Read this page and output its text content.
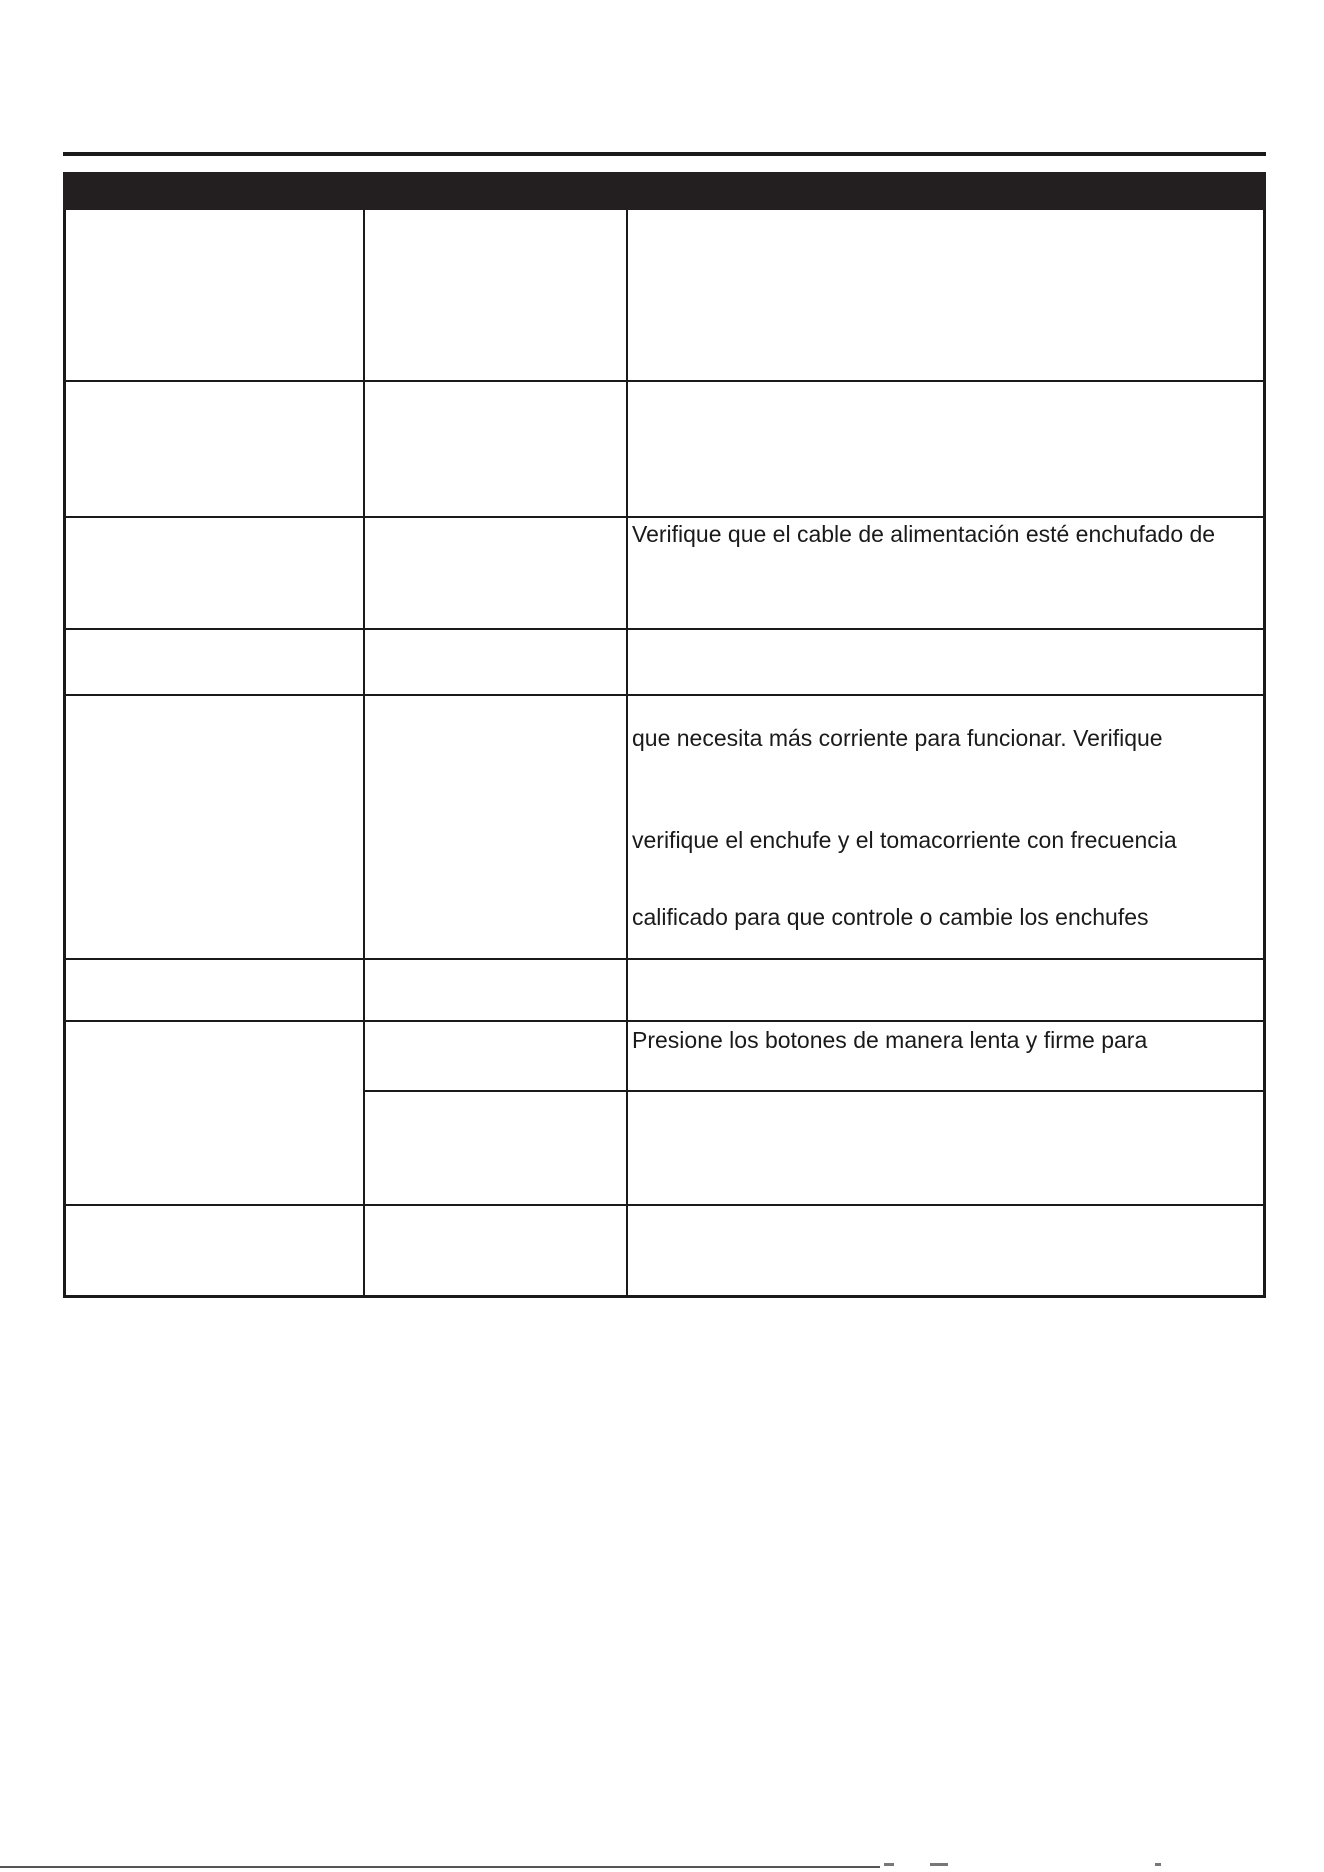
Verifique que el cable de alimentación esté enchufado de
que necesita más corriente para funcionar. Verifique
verifique el enchufe y el tomacorriente con frecuencia
calificado para que controle o cambie los enchufes
Presione los botones de manera lenta y firme para
